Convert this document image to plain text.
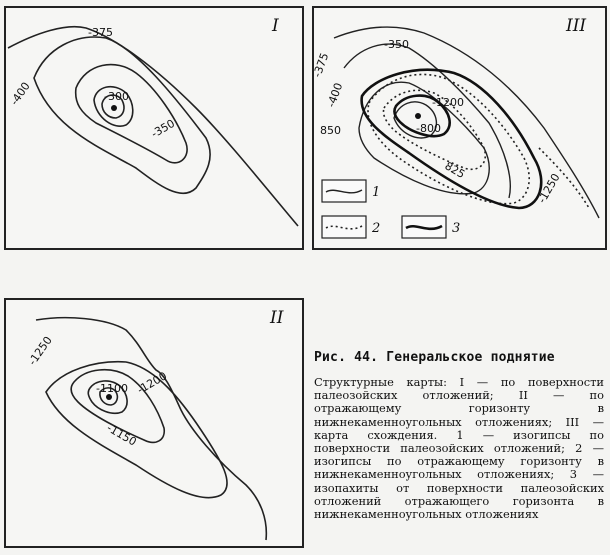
I
-375
-400	-300
-350
III
-350
-375
-400	-1200
850	-800
825
-1250
1
2	3
II
-1250
-1100 -1200
-1150
Рис. 44. Генеральское поднятие

Структурные карты: I — по поверхности палеозойских отложений; II — по отражающему горизонту в нижнекаменноугольных отложениях; III — карта схождения. 1 — изогипсы по поверхности палеозойских отложений; 2 — изогипсы по отражающему горизонту в нижнекаменноугольных отложениях; 3 — изопахиты от поверхности палеозойских отложений отражающего горизонта в нижнекаменноугольных отложениях
